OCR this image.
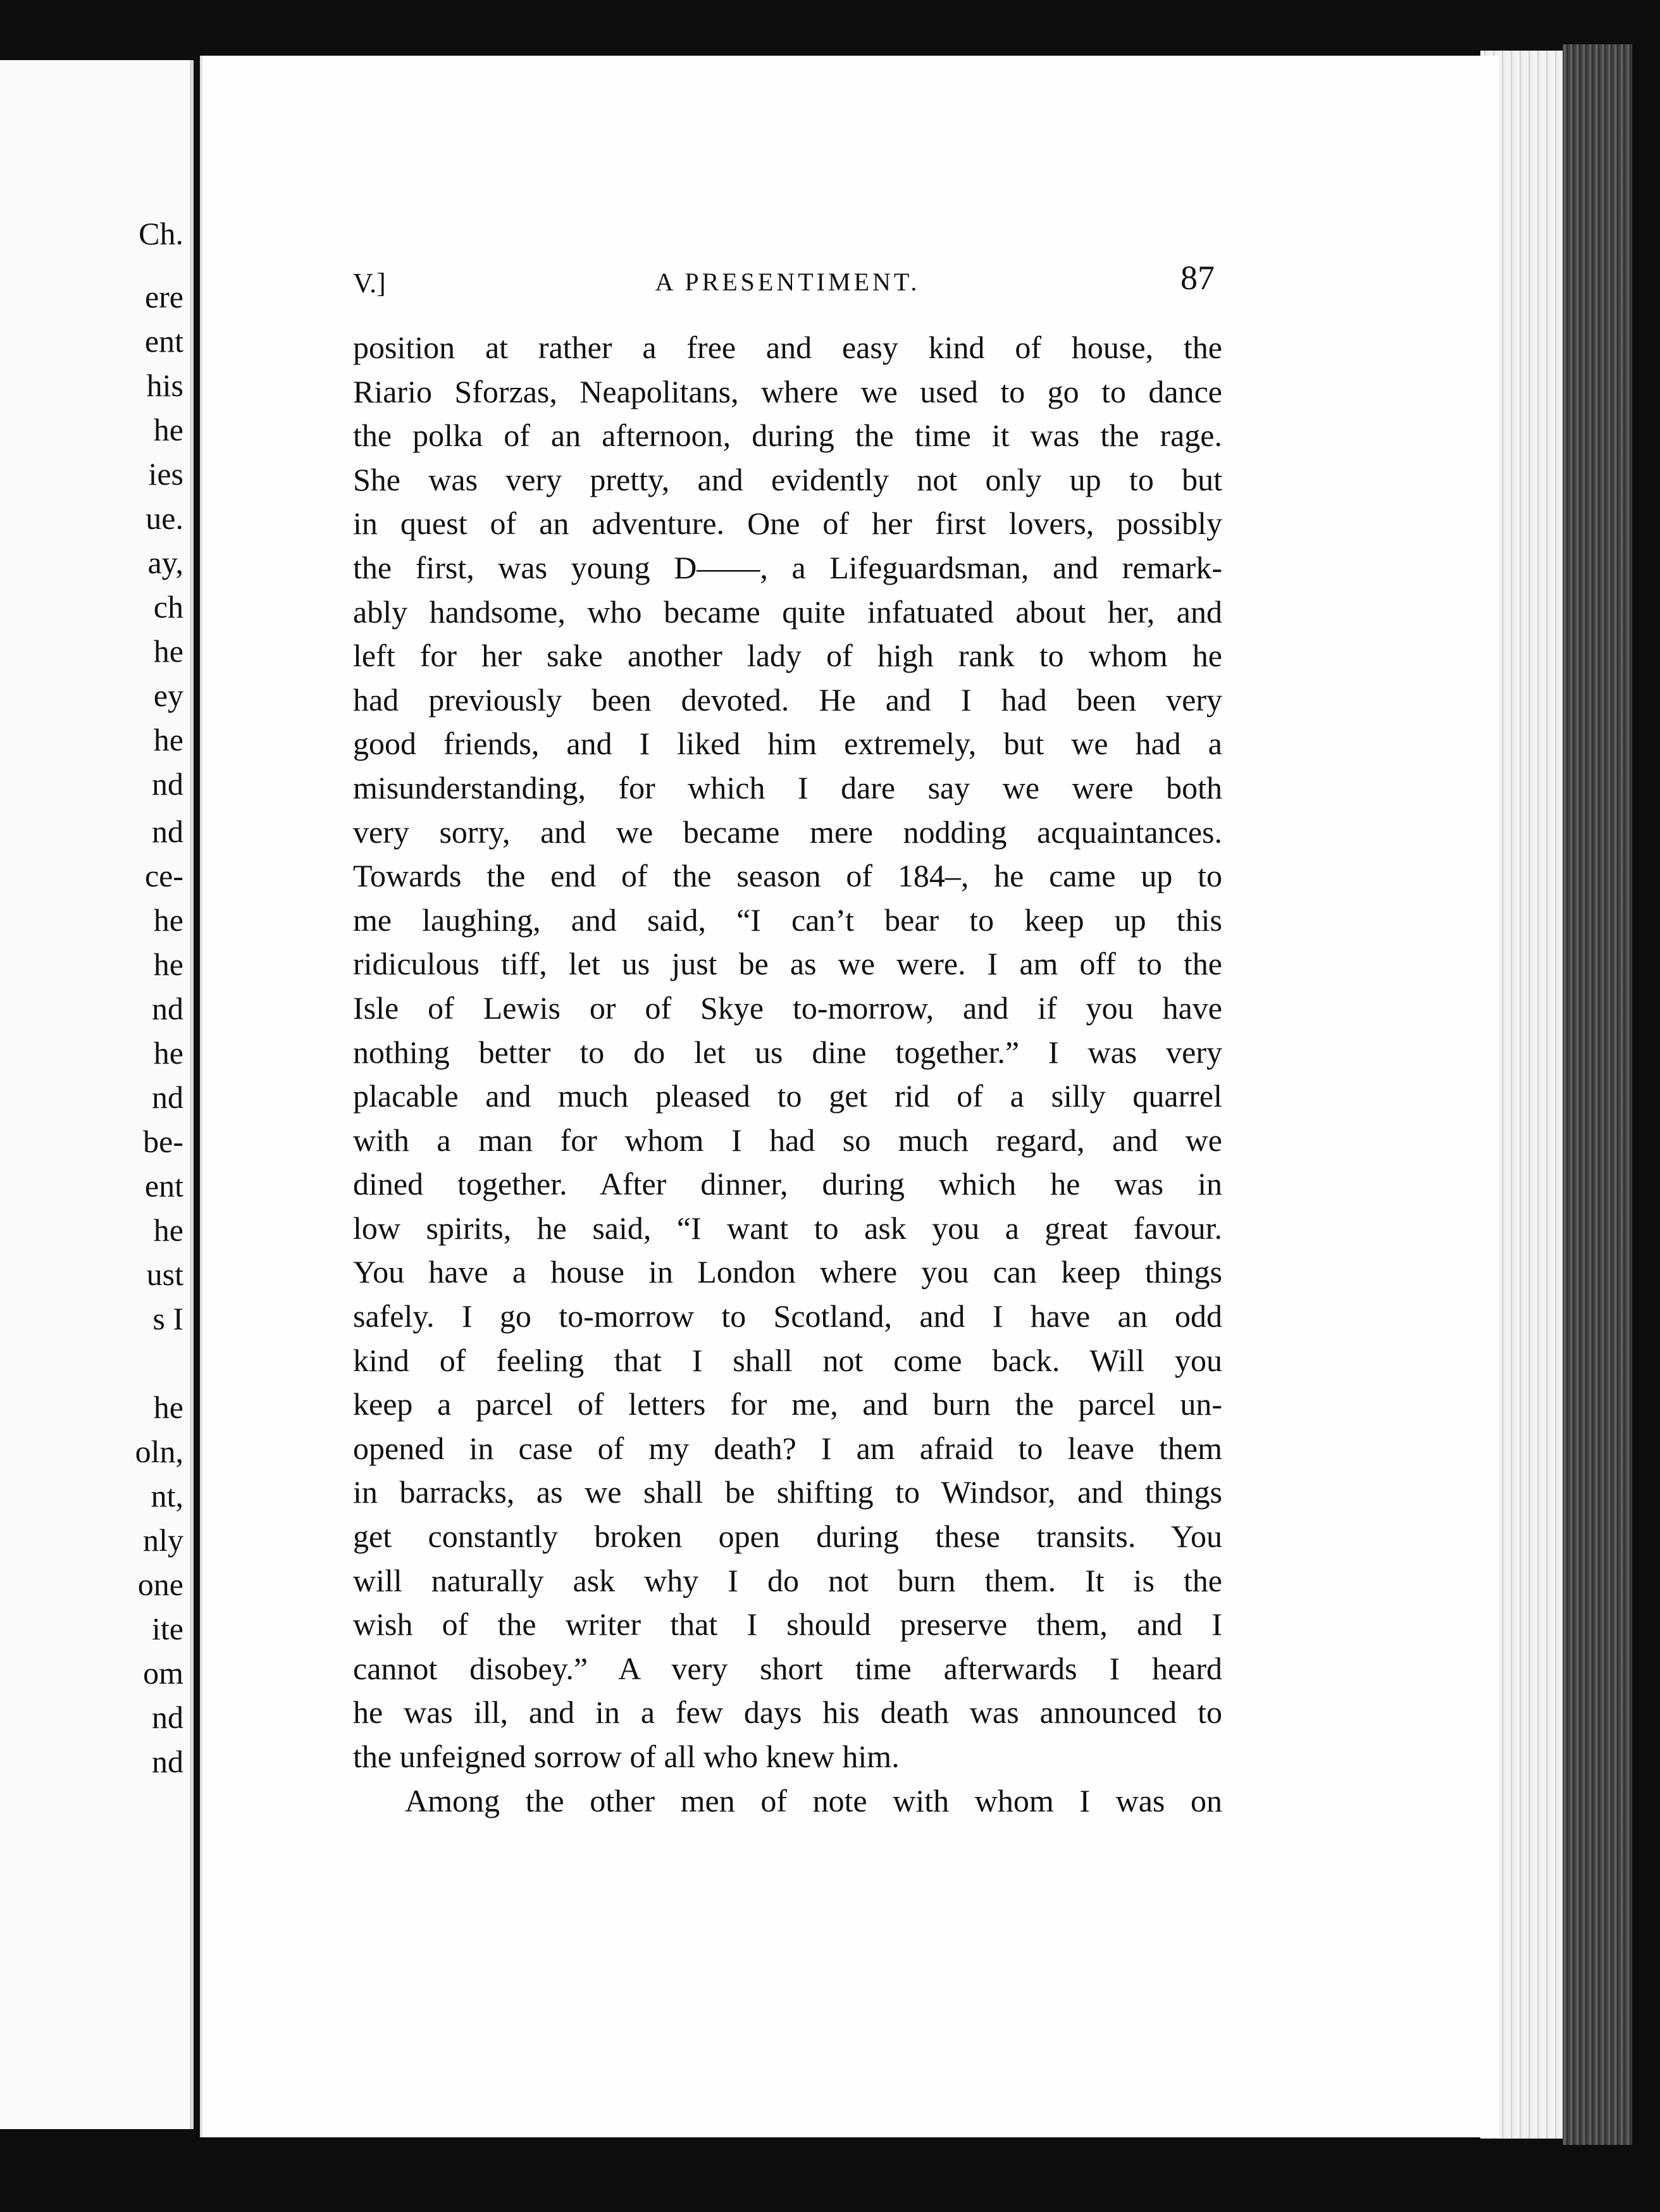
Ch.
ere
ent
his
he
ies
ue.
ay,
ch
he
ey
he
nd
nd
ce-
he
he
nd
he
nd
be-
ent
he
ust
s I
he
oln,
nt,
nly
one
ite
om
nd
nd
V.]	A PRESENTIMENT.	87
position at rather a free and easy kind of house, the
Riario Sforzas, Neapolitans, where we used to go to dance
the polka of an afternoon, during the time it was the rage.
She was very pretty, and evidently not only up to but
in quest of an adventure. One of her first lovers, possibly
the first, was young D——, a Lifeguardsman, and remark-
ably handsome, who became quite infatuated about her, and
left for her sake another lady of high rank to whom he
had previously been devoted. He and I had been very
good friends, and I liked him extremely, but we had a
misunderstanding, for which I dare say we were both
very sorry, and we became mere nodding acquaintances.
Towards the end of the season of 184–, he came up to
me laughing, and said, “I can’t bear to keep up this
ridiculous tiff, let us just be as we were. I am off to the
Isle of Lewis or of Skye to-morrow, and if you have
nothing better to do let us dine together.” I was very
placable and much pleased to get rid of a silly quarrel
with a man for whom I had so much regard, and we
dined together. After dinner, during which he was in
low spirits, he said, “I want to ask you a great favour.
You have a house in London where you can keep things
safely. I go to-morrow to Scotland, and I have an odd
kind of feeling that I shall not come back. Will you
keep a parcel of letters for me, and burn the parcel un-
opened in case of my death? I am afraid to leave them
in barracks, as we shall be shifting to Windsor, and things
get constantly broken open during these transits. You
will naturally ask why I do not burn them. It is the
wish of the writer that I should preserve them, and I
cannot disobey.” A very short time afterwards I heard
he was ill, and in a few days his death was announced to
the unfeigned sorrow of all who knew him.
Among the other men of note with whom I was on
